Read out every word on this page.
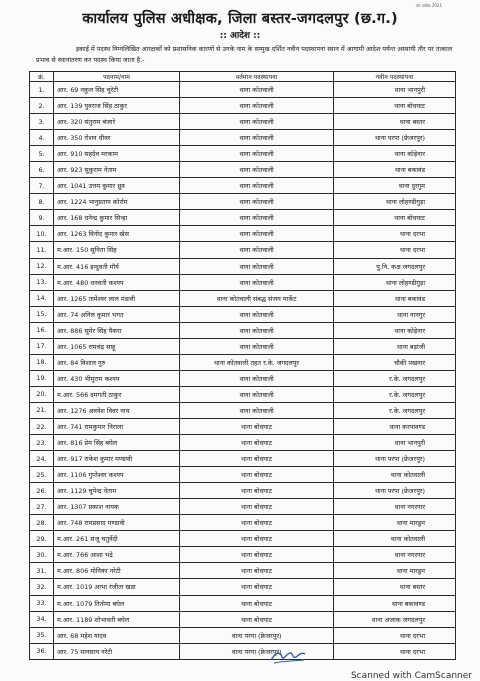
उप आदेश 2021
कार्यालय पुलिस अधीक्षक, जिला बस्तर-जगदलपुर (छ.ग.)
:: आदेश ::
इकाई में पदस्थ निम्नलिखित आरक्षकों को प्रशासनिक कारणों से उनके नाम के सम्मुख दर्शित नवीन पदस्थापना स्थान में आगामी आदेश पर्यन्त अस्थायी तौर पर तत्काल प्रभाव से स्थानांतरण कर पदस्थ किया जाता है:-
क्रं.	पदनाम/नाम	वर्तमान पदस्थापना	नवीन पदस्थापना
1.	आर. 69 नकुल सिंह चुरेटी	थाना कोतवाली	थाना भानपुरी
2.	आर. 139 युवराज सिंह ठाकुर	थाना कोतवाली	थाना बोधघाट
3.	आर. 320 संतुराम बंजारे	थाना कोतवाली	थाना बस्तर
4.	आर. 350 रोशन धीवर	थाना कोतवाली	थाना परपा (फ्रेजरपुर)
5.	आर. 910 सहदेव मरकाम	थाना कोतवाली	थाना कोड़ेनार
6.	आर. 923 सुकुराम नेताम	थाना कोतवाली	थाना बकावंड
7.	आर. 1041 उत्तम कुमार ध्रुव	थाना कोतवाली	थाना दुरगुम
8.	आर. 1224 भानुप्रताप कोर्राम	थाना कोतवाली	थाना लोहण्डीगुड़ा
9.	आर. 168 धनेन्द्र कुमार सिन्हा	थाना कोतवाली	थाना बोधघाट
10.	आर. 1263 विनोद कुमार खेस	थाना कोतवाली	थाना दरभा
11.	म.आर. 150 सुनिता सिंह	थाना कोतवाली	थाना दरभा
12.	म.आर. 416 इन्दुवती मौर्य	थाना कोतवाली	पु.नि. कक्ष जगदलपुर
13.	म.आर. 480 धनवती कश्यप	थाना कोतवाली	थाना लोहण्डीगुड़ा
14.	आर. 1265 तामेश्वर लाल मंडावी	थाना कोतवाली संबद्ध संजय मार्केट	थाना बकावंड
15.	आर. 74 अनिल कुमार भगत	थाना कोतवाली	थाना नानगुर
16.	आर. 886 सुमेर सिंह पैकरा	थाना कोतवाली	थाना कोड़ेनार
17.	आर. 1065 रामचंद्र साहू	थाना कोतवाली	थाना बड़ांजी
18.	आर. 84 विशाल गुरु	थाना कोतवाली तहत र.के. जगदलपुर	चौकी पखनार
19.	आर. 430 भीमुराम कश्यप	थाना कोतवाली	र.के. जगदलपुर
20.	म.आर. 566 दमगती ठाकुर	थाना कोतवाली	र.के. जगदलपुर
21.	आर. 1276 अवनेश विवर नाथ	थाना कोतवाली	र.के. जगदलपुर
22.	आर. 741 रामकुमार निराला	थाना बोधघाट	थाना करपावण्ड
23.	आर. 816 प्रेम सिंह बघेल	थाना बोधघाट	थाना भानपुरी
24.	आर. 917 राकेश कुमार मण्डावी	थाना बोधघाट	थाना परपा (फ्रेजरपुर)
25.	आर. 1106 गुप्तेश्वर कश्यप	थाना बोधघाट	थाना कोतवाली
26.	आर. 1129 चुपेन्द्र नेताम	थाना बोधघाट	थाना परपा (फ्रेजरपुर)
27.	आर. 1307 प्रकाश नायक	थाना बोधघाट	थाना नगरनार
28.	आर. 748 रामप्रसाद मण्डावी	थाना बोधघाट	थाना मारडूम
29.	म.आर. 261 संजू चतुर्वेदी	थाना बोधघाट	थाना कोतवाली
30.	म.आर. 766 आशा भद्रे	थाना बोधघाट	थाना नगरनार
31.	म.आर. 806 मोनिका नरेटी	थाना बोधघाट	थाना मारडूम
32.	म.आर. 1019 आभा रंजीता खडा	थाना बोधघाट	थाना बस्तर
33.	म.आर. 1079 तितोमा बघेल	थाना बोधघाट	थाना बकावण्ड
34.	म.आर. 1189 शोभावती बघेल	थाना बोधघाट	थाना अजाक जगदलपुर
35.	आर. 68 महेश यादव	थाना परपा (फ्रेजरपुर)	थाना दरभा
36.	आर. 75 मानसाय नरेटी	थाना परपा (फ्रेजरपुर)	थाना दरभा
Scanned with CamScanner
